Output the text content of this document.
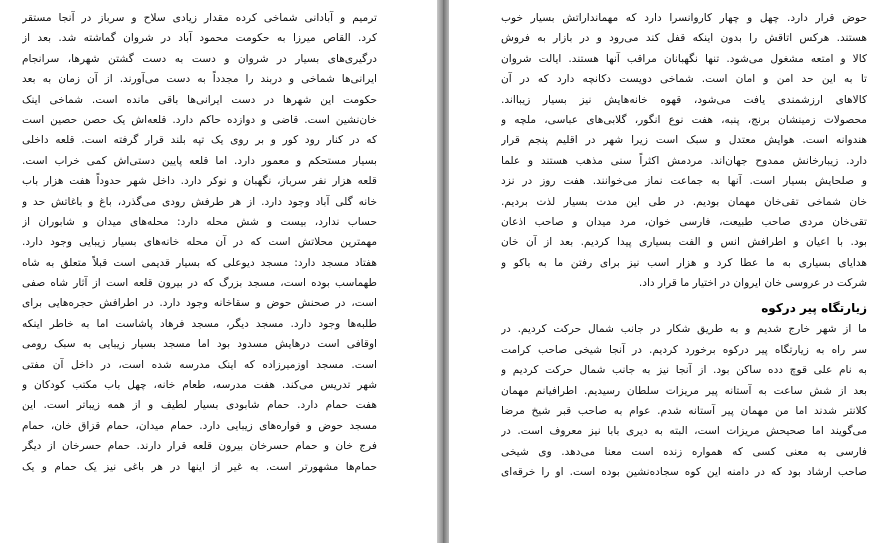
ترمیم و آبادانی شماخی کرده مقدار زیادی سلاح و سرباز در آنجا مستقر
کرد. القاص میرزا به حکومت محمود آباد در شروان گماشته شد. بعد از
درگیری‌های بسیار در شروان و دست به دست گشتن شهرها، سرانجام
ایرانی‌ها شماخی و دربند را مجدداً به دست می‌آورند. از آن زمان به بعد
حکومت این شهرها در دست ایرانی‌ها باقی مانده است. شماخی اینک
خان‌نشین است. قاضی و دوازده حاکم دارد. قلعه‌اش یک حصن حصین است
که در کنار رود کور و بر روی یک تپه بلند قرار گرفته است. قلعه داخلی
بسیار مستحکم و معمور دارد. اما قلعه پایین دستی‌اش کمی خراب است.
قلعه هزار نفر سرباز، نگهبان و نوکر دارد. داخل شهر حدوداً هفت هزار باب
خانه گلی آباد وجود دارد. از هر طرفش رودی می‌گذرد، باغ و باغاتش حد و
حساب ندارد، بیست و شش محله دارد: محله‌های میدان و شابوران از
مهمترین محلاتش است که در آن محله خانه‌های بسیار زیبایی وجود دارد.
هفتاد مسجد دارد: مسجد دیوعلی که بسیار قدیمی است قبلاً متعلق به شاه
طهماسب بوده است، مسجد بزرگ که در بیرون قلعه است از آثار شاه صفی
است، در صحنش حوض و سقاخانه وجود دارد. در اطرافش حجره‌هایی برای
طلبه‌ها وجود دارد. مسجد دیگر، مسجد فرهاد پاشاست اما به خاطر اینکه
اوقافی است درهایش مسدود بود اما مسجد بسیار زیبایی به سبک رومی
است. مسجد اوزمیرزاده که اینک مدرسه شده است، در داخل آن مفتی
شهر تدریس می‌کند. هفت مدرسه، طعام خانه، چهل باب مکتب کودکان و
هفت حمام دارد. حمام شابودی بسیار لطیف و از همه زیباتر است. این
مسجد حوض و فواره‌های زیبایی دارد. حمام میدان، حمام قزاق خان، حمام
فرج خان و حمام حسرخان بیرون قلعه قرار دارند. حمام حسرخان از دیگر
حمام‌ها مشهورتر است. به غیر از اینها در هر باغی نیز یک حمام و یک
حوض قرار دارد. چهل و چهار کاروانسرا دارد که مهمانداراتش بسیار خوب
هستند. هرکس اتاقش را بدون اینکه قفل کند می‌رود و در بازار به فروش
کالا و امتعه مشغول می‌شود. تنها نگهبانان مراقب آنها هستند. ایالت شروان
تا به این حد امن و امان است. شماخی دویست دکانچه دارد که در آن
کالاهای ارزشمندی یافت می‌شود، قهوه خانه‌هایش نیز بسیار زیبااند.
محصولات زمینشان برنج، پنبه، هفت نوع انگور، گلابی‌های عباسی، ملچه و
هندوانه است. هوایش معتدل و سبک است زیرا شهر در اقلیم پنجم قرار
دارد. زیبارخانش ممدوح جهان‌اند. مردمش اکثراً سنی مذهب هستند و علما
و صلحایش بسیار است. آنها به جماعت نماز می‌خوانند. هفت روز در نزد
خان شماخی تقی‌خان مهمان بودیم. در طی این مدت بسیار لذت بردیم.
تقی‌خان مردی صاحب طبیعت، فارسی خوان، مرد میدان و صاحب اذعان
بود. با اعیان و اطرافش انس و الفت بسیاری پیدا کردیم. بعد از آن خان
هدایای بسیاری به ما عطا کرد و هزار اسب نیز برای رفتن ما به باکو و
شرکت در عروسی خان ایروان در اختیار ما قرار داد.
زیارتگاه پیر درکوه
ما از شهر خارج شدیم و به طریق شکار در جانب شمال حرکت کردیم. در
سر راه به زیارتگاه پیر درکوه برخورد کردیم. در آنجا شیخی صاحب کرامت
به نام علی قوچ دده ساکن بود. از آنجا نیز به جانب شمال حرکت کردیم و
بعد از شش ساعت به آستانه پیر مریزات سلطان رسیدیم. اطرافیانم مهمان
کلانتر شدند اما من مهمان پیر آستانه شدم. عوام به صاحب قبر شیخ مرضا
می‌گویند اما صحیحش مریزات است، البته به دیری بابا نیز معروف است. در
فارسی به معنی کسی که همواره زنده است معنا می‌دهد. وی شیخی
صاحب ارشاد بود که در دامنه این کوه سجاده‌نشین بوده است. او را خرقه‌ای
